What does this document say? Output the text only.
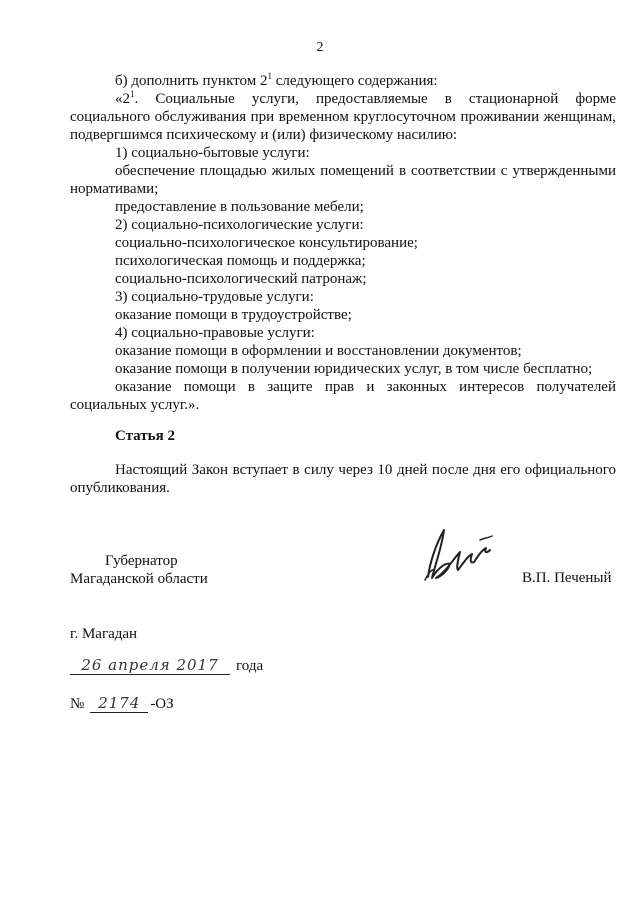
2

б) дополнить пунктом $2^1$ следующего содержания:

«$2^1$. Социальные услуги, предоставляемые в стационарной форме социального обслуживания при временном круглосуточном проживании женщинам, подвергшимся психическому и (или) физическому насилию:

1) социально-бытовые услуги:

обеспечение площадью жилых помещений в соответствии с утвержденными нормативами;

предоставление в пользование мебели;

2) социально-психологические услуги:

социально-психологическое консультирование;

психологическая помощь и поддержка;

социально-психологический патронаж;

3) социально-трудовые услуги:

оказание помощи в трудоустройстве;

4) социально-правовые услуги:

оказание помощи в оформлении и восстановлении документов;

оказание помощи в получении юридических услуг, в том числе бесплатно;

оказание помощи в защите прав и законных интересов получателей социальных услуг.».

Статья 2

Настоящий Закон вступает в силу через 10 дней после дня его официального опубликования.

Губернатор
Магаданской области	В.П. Печеный
г. Магадан
26 апреля 2017 года
№ 2174 -ОЗ
